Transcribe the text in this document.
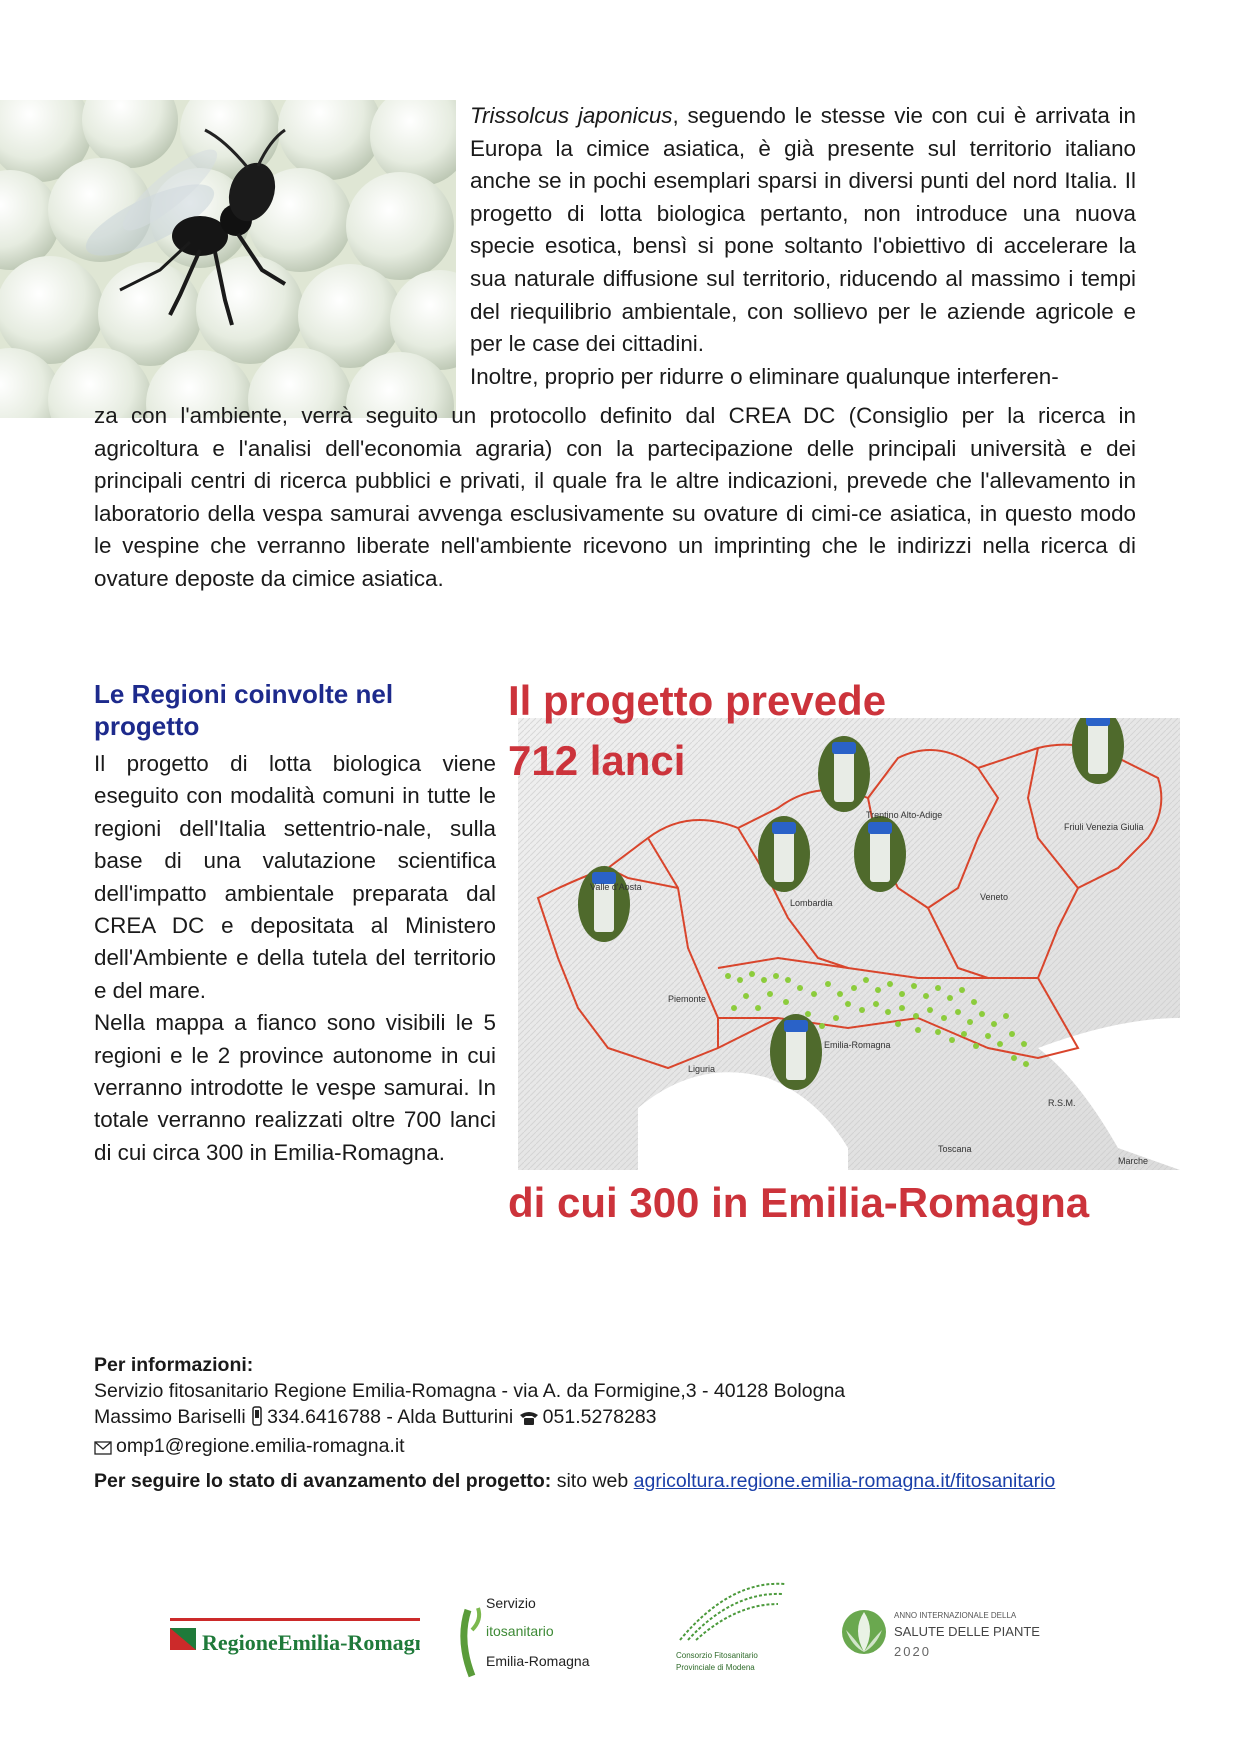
Trissolcus japonicus, seguendo le stesse vie con cui è arrivata in Europa la cimice asiatica, è già presente sul territorio italiano anche se in pochi esemplari sparsi in diversi punti del nord Italia. Il progetto di lotta biologica pertanto, non introduce una nuova specie esotica, bensì si pone soltanto l'obiettivo di accelerare la sua naturale diffusione sul territorio, riducendo al massimo i tempi del riequilibrio ambientale, con sollievo per le aziende agricole e per le case dei cittadini.
Inoltre, proprio per ridurre o eliminare qualunque interferen-
za con l'ambiente, verrà seguito un protocollo definito dal CREA DC (Consiglio per la ricerca in agricoltura e l'analisi dell'economia agraria) con la partecipazione delle principali università e dei principali centri di ricerca pubblici e privati, il quale fra le altre indicazioni, prevede che l'allevamento in laboratorio della vespa samurai avvenga esclusivamente su ovature di cimi-ce asiatica, in questo modo le vespine che verranno liberate nell'ambiente ricevono un imprinting che le indirizzi nella ricerca di ovature deposte da cimice asiatica.
Le Regioni coinvolte nel progetto
Il progetto di lotta biologica viene eseguito con modalità comuni in tutte le regioni dell'Italia settentrio-nale, sulla base di una valutazione scientifica dell'impatto ambientale preparata dal CREA DC e depositata al Ministero dell'Ambiente e della tutela del territorio e del mare.
Nella mappa a fianco sono visibili le 5 regioni e le 2 province autonome in cui verranno introdotte le vespe samurai. In totale verranno realizzati oltre 700 lanci di cui circa 300 in Emilia-Romagna.
Valle d'Aosta
Piemonte
Lombardia
Trentino Alto-Adige
Veneto
Friuli Venezia Giulia
Emilia-Romagna
Liguria
Toscana
Marche
R.S.M.
Il progetto prevede
712 lanci
di cui 300 in Emilia-Romagna
Per informazioni:
Servizio fitosanitario Regione Emilia-Romagna - via A. da Formigine,3 - 40128 Bologna
Massimo Bariselli 334.6416788 - Alda Butturini 051.5278283
omp1@regione.emilia-romagna.it
Per seguire lo stato di avanzamento del progetto: sito web agricoltura.regione.emilia-romagna.it/fitosanitario
RegioneEmilia-Romagna
Servizio
itosanitario
Emilia-Romagna	Consorzio Fitosanitario
Provinciale di Modena
ANNO INTERNAZIONALE DELLA
SALUTE DELLE PIANTE
2020
